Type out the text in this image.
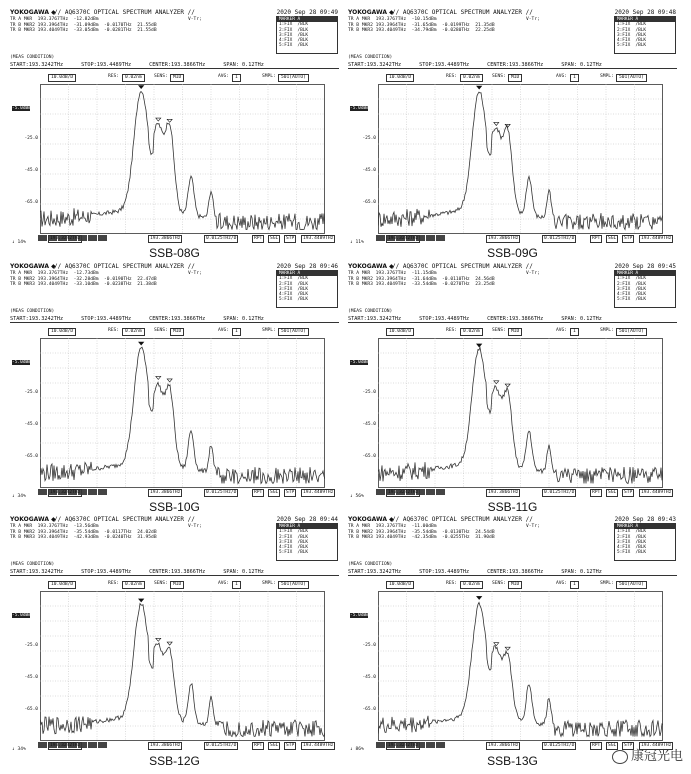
YOKOGAWA ◆
// AQ6370C OPTICAL SPECTRUM ANALYZER //	2020 Sep 28 09:49
TR A MKR  193.3767THz  -12.82dBm
TR B MKR2 193.3964THz  -31.09dBm  -0.0170THz  21.55dB
TR B MKR3 193.4049THz  -33.05dBm  -0.0281THz  21.55dB
V-Tr;	MARKER A
1:FIX  /BLK
2:FIX  /BLK
3:FIX  /BLK
4:FIX  /BLK
5:FIX  /BLK
(MEAS CONDITION)
START:193.3242THz	STOP:193.4489THz	CENTER:193.3866THz	SPAN: 0.12THz
10.0dB/D	RES:	0.02nm	SENS:	MID	AVG:	1	SMPL:	501(AUTO)
-5.0dBm
-25.0
-45.0
-65.0
↓ 14%
193.3242THz	193.3866THz	0.0125THz/D	RPT	SGL	STP	193.4489THz
SSB-08G
YOKOGAWA ◆
// AQ6370C OPTICAL SPECTRUM ANALYZER //	2020 Sep 28 09:48
TR A MKR  193.3767THz  -10.15dBm
TR B MKR2 193.3964THz  -31.65dBm  -0.0199THz  21.35dB
TR B MKR3 193.4049THz  -34.79dBm  -0.0280THz  22.25dB
V-Tr;	MARKER A
1:FIX  /BLK
2:FIX  /BLK
3:FIX  /BLK
4:FIX  /BLK
5:FIX  /BLK
(MEAS CONDITION)
START:193.3242THz	STOP:193.4489THz	CENTER:193.3866THz	SPAN: 0.12THz
10.0dB/D	RES:	0.02nm	SENS:	MID	AVG:	1	SMPL:	501(AUTO)
-5.0dBm
-25.0
-45.0
-65.0
↓ 11%
193.3242THz	193.3866THz	0.0125THz/D	RPT	SGL	STP	193.4489THz
SSB-09G
YOKOGAWA ◆
// AQ6370C OPTICAL SPECTRUM ANALYZER //	2020 Sep 28 09:46
TR A MKR  193.3767THz  -12.73dBm
TR B MKR2 193.3964THz  -32.28dBm  -0.0190THz  22.47dB
TR B MKR3 193.4049THz  -33.10dBm  -0.0238THz  21.38dB
V-Tr;	MARKER A
1:FIX  /BLK
2:FIX  /BLK
3:FIX  /BLK
4:FIX  /BLK
5:FIX  /BLK
(MEAS CONDITION)
START:193.3242THz	STOP:193.4489THz	CENTER:193.3866THz	SPAN: 0.12THz
10.0dB/D	RES:	0.02nm	SENS:	MID	AVG:	1	SMPL:	501(AUTO)
-5.0dBm
-25.0
-45.0
-65.0
↓ 34%
193.3242THz	193.3866THz	0.0125THz/D	RPT	SGL	STP	193.4489THz
SSB-10G
YOKOGAWA ◆
// AQ6370C OPTICAL SPECTRUM ANALYZER //	2020 Sep 28 09:45
TR A MKR  193.3767THz  -11.15dBm
TR B MKR2 193.3964THz  -31.64dBm  -0.0110THz  24.56dB
TR B MKR3 193.4049THz  -33.54dBm  -0.0270THz  23.25dB
V-Tr;	MARKER A
1:FIX  /BLK
2:FIX  /BLK
3:FIX  /BLK
4:FIX  /BLK
5:FIX  /BLK
(MEAS CONDITION)
START:193.3242THz	STOP:193.4489THz	CENTER:193.3866THz	SPAN: 0.12THz
10.0dB/D	RES:	0.02nm	SENS:	MID	AVG:	1	SMPL:	501(AUTO)
-5.0dBm
-25.0
-45.0
-65.0
↓ 56%
193.3242THz	193.3866THz	0.0125THz/D	RPT	SGL	STP	193.4489THz
SSB-11G
YOKOGAWA ◆
// AQ6370C OPTICAL SPECTRUM ANALYZER //	2020 Sep 28 09:44
TR A MKR  193.3767THz  -13.56dBm
TR B MKR2 193.3964THz  -35.54dBm  -0.0117THz  24.02dB
TR B MKR3 193.4049THz  -42.93dBm  -0.0240THz  31.95dB
V-Tr;	MARKER A
1:FIX  /BLK
2:FIX  /BLK
3:FIX  /BLK
4:FIX  /BLK
5:FIX  /BLK
(MEAS CONDITION)
START:193.3242THz	STOP:193.4489THz	CENTER:193.3866THz	SPAN: 0.12THz
10.0dB/D	RES:	0.02nm	SENS:	MID	AVG:	1	SMPL:	501(AUTO)
-5.0dBm
-25.0
-45.0
-65.0
↓ 34%
193.3242THz	193.3866THz	0.0125THz/D	RPT	SGL	STP	193.4489THz
SSB-12G
YOKOGAWA ◆
// AQ6370C OPTICAL SPECTRUM ANALYZER //	2020 Sep 28 09:43
TR A MKR  193.3767THz  -11.00dBm
TR B MKR2 193.3964THz  -35.54dBm  -0.0130THz  24.54dB
TR B MKR3 193.4049THz  -42.35dBm  -0.0255THz  31.90dB
V-Tr;	MARKER A
1:FIX  /BLK
2:FIX  /BLK
3:FIX  /BLK
4:FIX  /BLK
5:FIX  /BLK
(MEAS CONDITION)
START:193.3242THz	STOP:193.4489THz	CENTER:193.3866THz	SPAN: 0.12THz
10.0dB/D	RES:	0.02nm	SENS:	MID	AVG:	1	SMPL:	501(AUTO)
-5.0dBm
-25.0
-45.0
-65.0
↓ 86%
193.3242THz	193.3866THz	0.0125THz/D	RPT	SGL	STP	193.4489THz
SSB-13G	康冠光电
